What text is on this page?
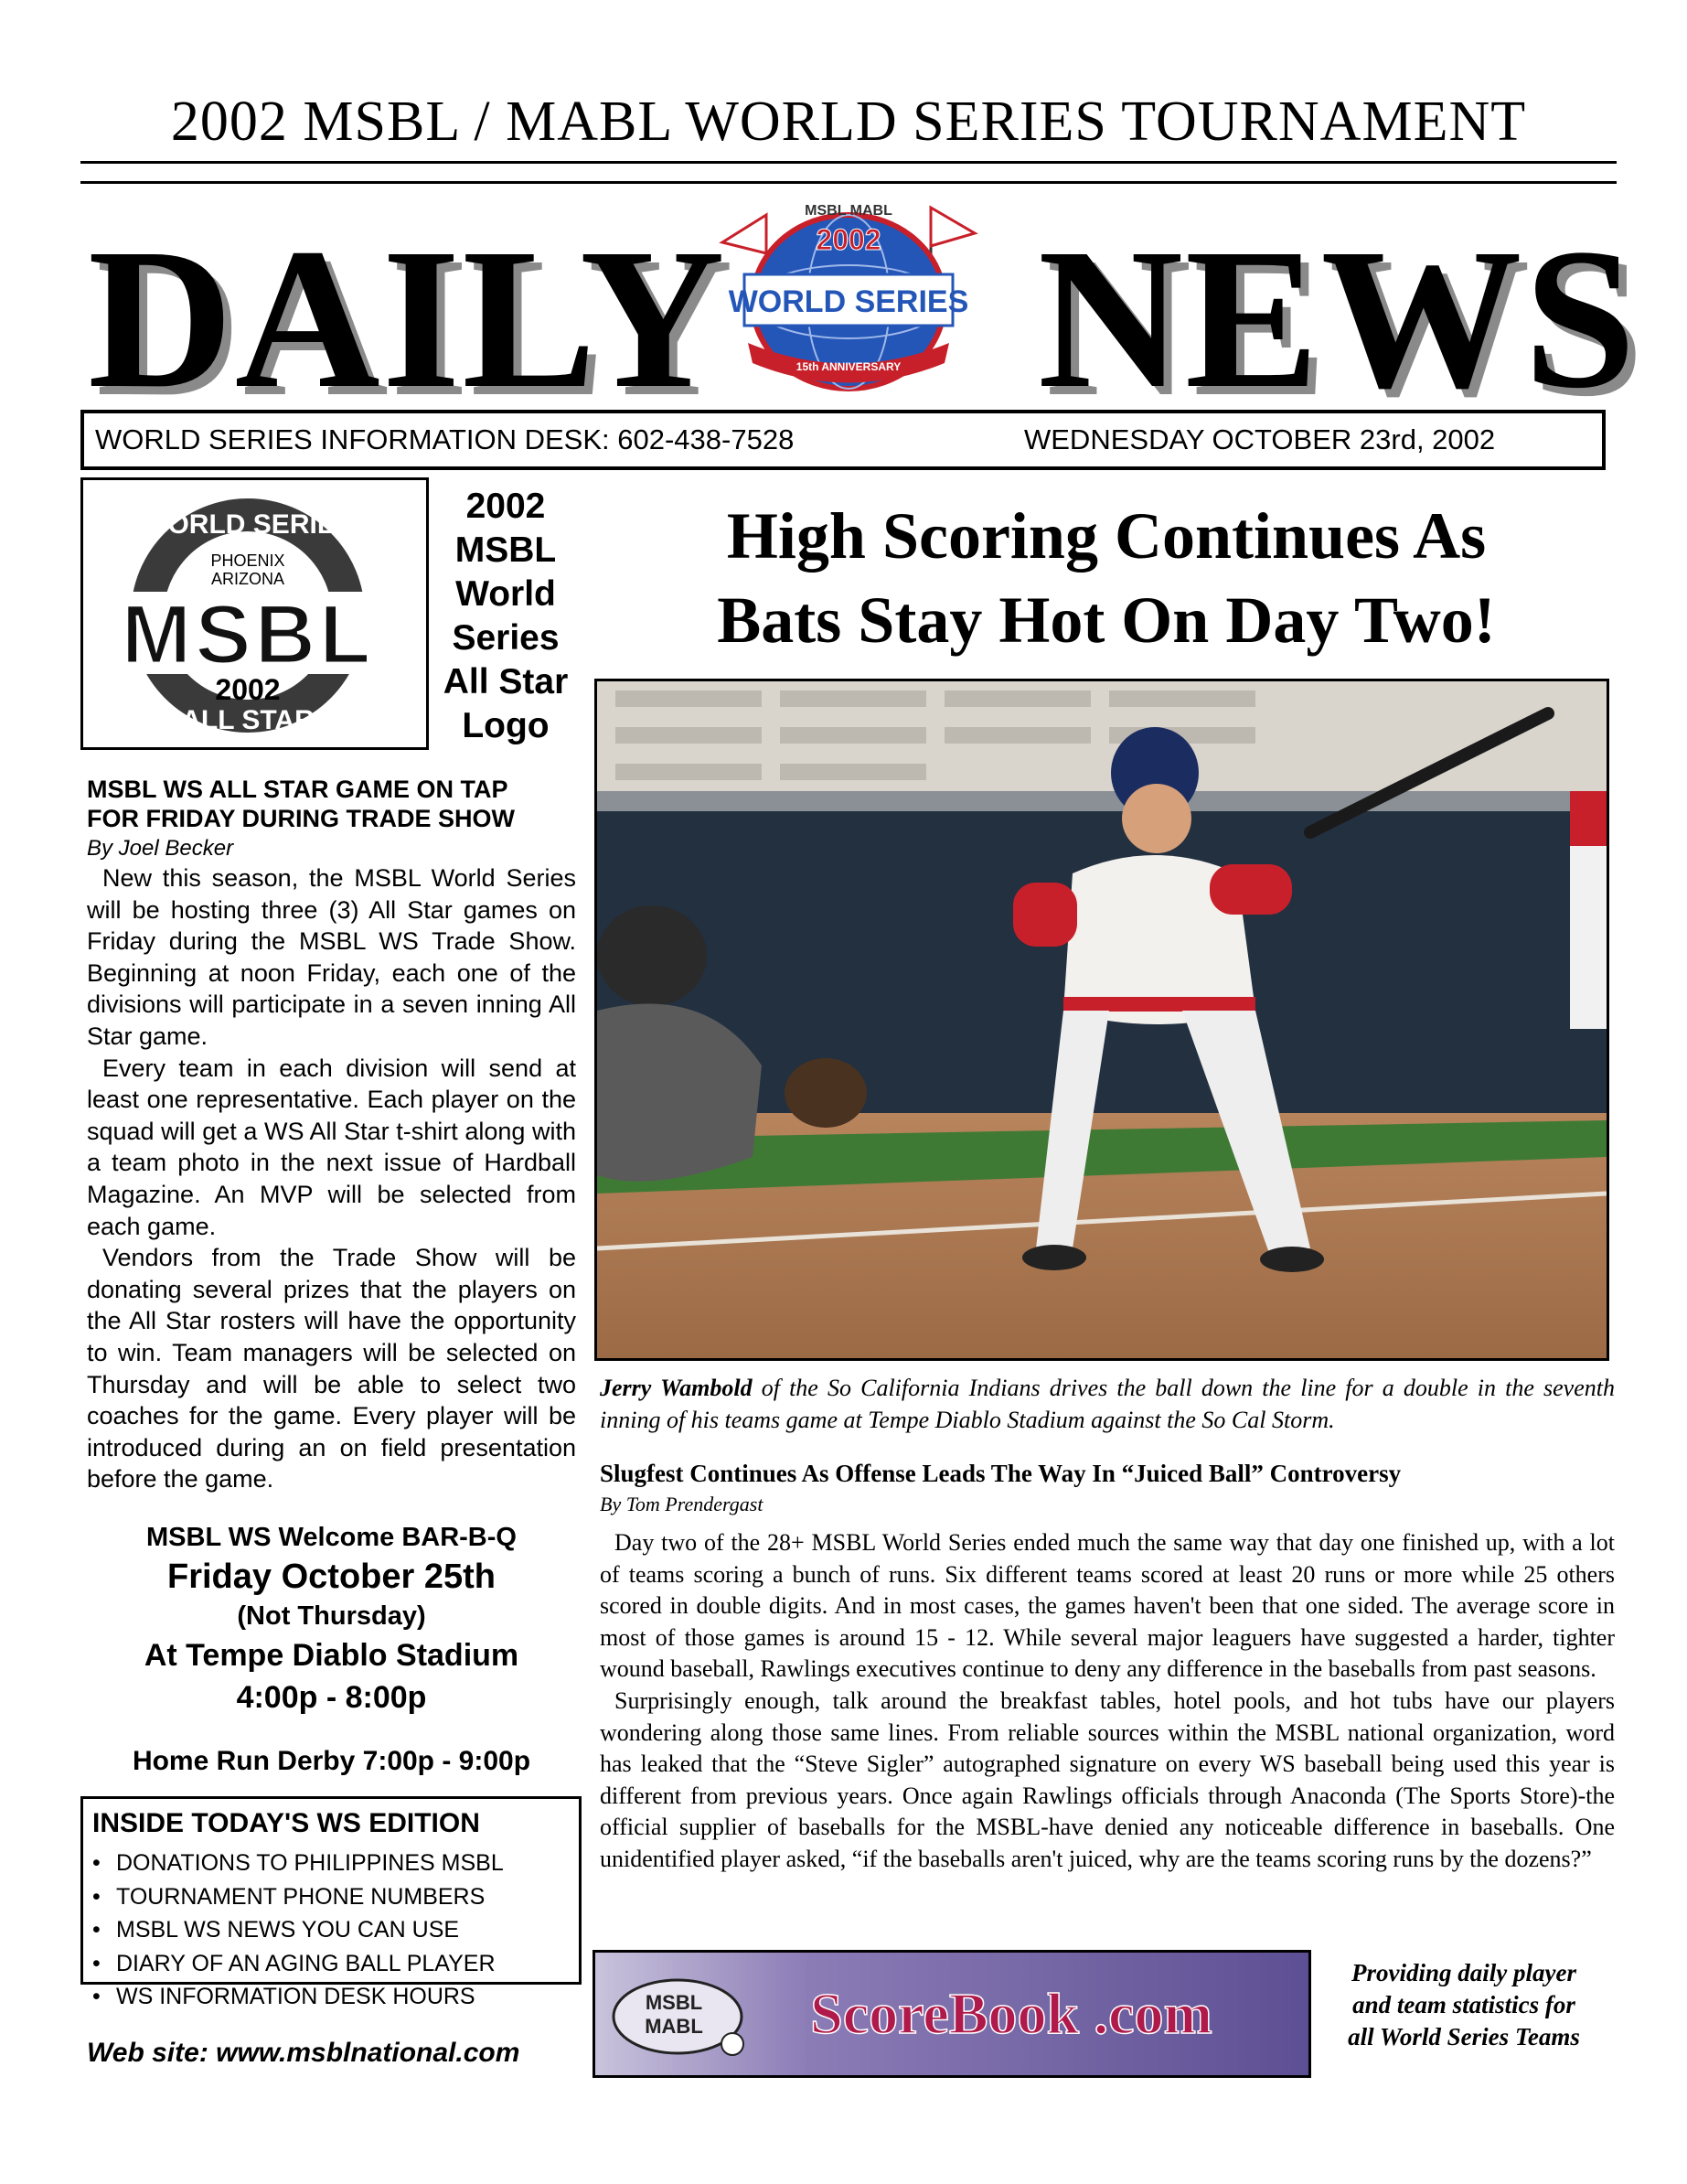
2002 MSBL / MABL WORLD SERIES TOURNAMENT
DAILY NEWS
MSBL MABL
2002
WORLD SERIES
15th ANNIVERSARY
WORLD SERIES INFORMATION DESK: 602-438-7528	WEDNESDAY OCTOBER 23rd, 2002
WORLD SERIES
PHOENIX
ARIZONA
MSBL
2002
ALL STAR
2002
MSBL
World
Series
All Star
Logo
High Scoring Continues As
Bats Stay Hot On Day Two!
Jerry Wambold of the So California Indians drives the ball down the line for a double in the seventh inning of his teams game at Tempe Diablo Stadium against the So Cal Storm.
MSBL WS ALL STAR GAME ON TAP
FOR FRIDAY DURING TRADE SHOW
By Joel Becker

New this season, the MSBL World Series will be hosting three (3) All Star games on Friday during the MSBL WS Trade Show. Beginning at noon Friday, each one of the divisions will participate in a seven inning All Star game.

Every team in each division will send at least one representative. Each player on the squad will get a WS All Star t-shirt along with a team photo in the next issue of Hardball Magazine. An MVP will be selected from each game.

Vendors from the Trade Show will be donating several prizes that the players on the All Star rosters will have the opportunity to win. Team managers will be selected on Thursday and will be able to select two coaches for the game. Every player will be introduced during an on field presentation before the game.

MSBL WS Welcome BAR-B-Q
Friday October 25th
(Not Thursday)
At Tempe Diablo Stadium
4:00p - 8:00p
Home Run Derby 7:00p - 9:00p
INSIDE TODAY'S WS EDITION
• DONATIONS TO PHILIPPINES MSBL
• TOURNAMENT PHONE NUMBERS
• MSBL WS NEWS YOU CAN USE
• DIARY OF AN AGING BALL PLAYER
• WS INFORMATION DESK HOURS
Web site: www.msblnational.com
Slugfest Continues As Offense Leads The Way In “Juiced Ball” Controversy
By Tom Prendergast

Day two of the 28+ MSBL World Series ended much the same way that day one finished up, with a lot of teams scoring a bunch of runs. Six different teams scored at least 20 runs or more while 25 others scored in double digits. And in most cases, the games haven't been that one sided. The average score in most of those games is around 15 - 12. While several major leaguers have suggested a harder, tighter wound baseball, Rawlings executives continue to deny any difference in the baseballs from past seasons.

Surprisingly enough, talk around the breakfast tables, hotel pools, and hot tubs have our players wondering along those same lines. From reliable sources within the MSBL national organization, word has leaked that the “Steve Sigler” autographed signature on every WS baseball being used this year is different from previous years. Once again Rawlings officials through Anaconda (The Sports Store)-the official supplier of baseballs for the MSBL-have denied any noticeable difference in baseballs. One unidentified player asked, “if the baseballs aren't juiced, why are the teams scoring runs by the dozens?”

MSBL
MABL ScoreBook .com
Providing daily player
and team statistics for
all World Series Teams
